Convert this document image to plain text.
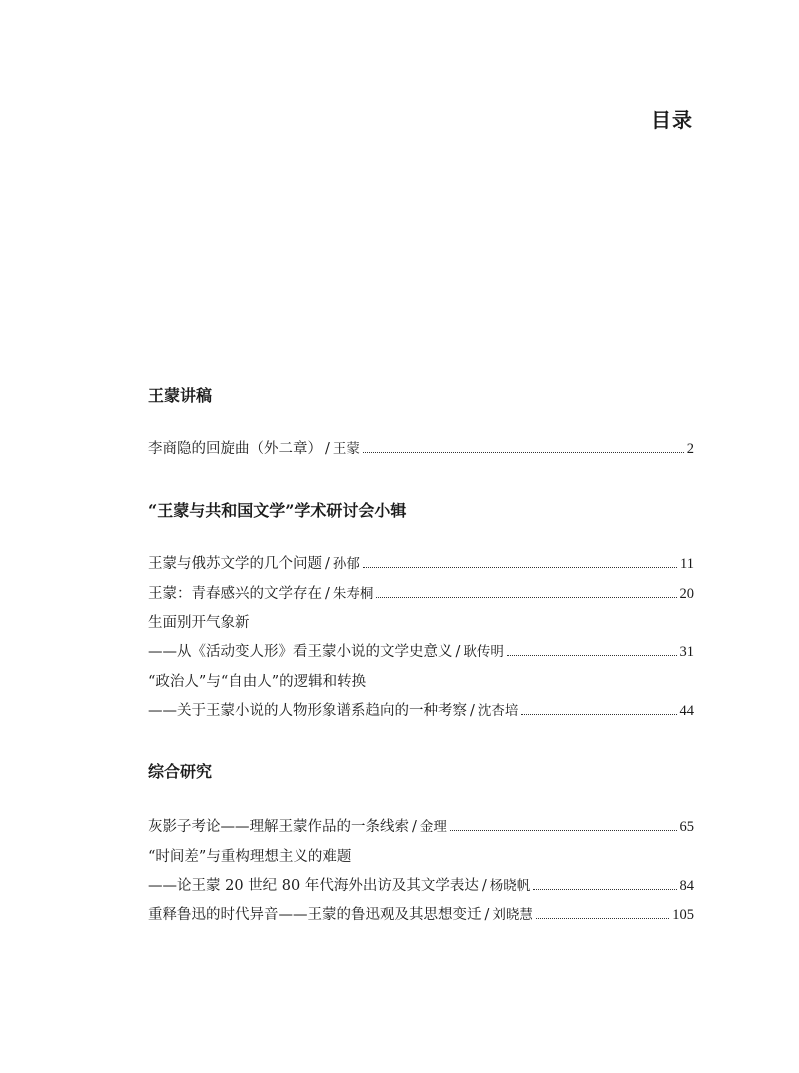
目录
王蒙讲稿
李商隐的回旋曲（外二章） / 王蒙	2
“王蒙与共和国文学”学术研讨会小辑
王蒙与俄苏文学的几个问题 / 孙郁	11
王蒙：青春感兴的文学存在 / 朱寿桐	20
生面别开气象新
——从《活动变人形》看王蒙小说的文学史意义 / 耿传明	31
“政治人”与“自由人”的逻辑和转换
——关于王蒙小说的人物形象谱系趋向的一种考察 / 沈杏培	44
综合研究
灰影子考论——理解王蒙作品的一条线索 / 金理	65
“时间差”与重构理想主义的难题
——论王蒙 20 世纪 80 年代海外出访及其文学表达 / 杨晓帆	84
重释鲁迅的时代异音——王蒙的鲁迅观及其思想变迁 / 刘晓慧	105
